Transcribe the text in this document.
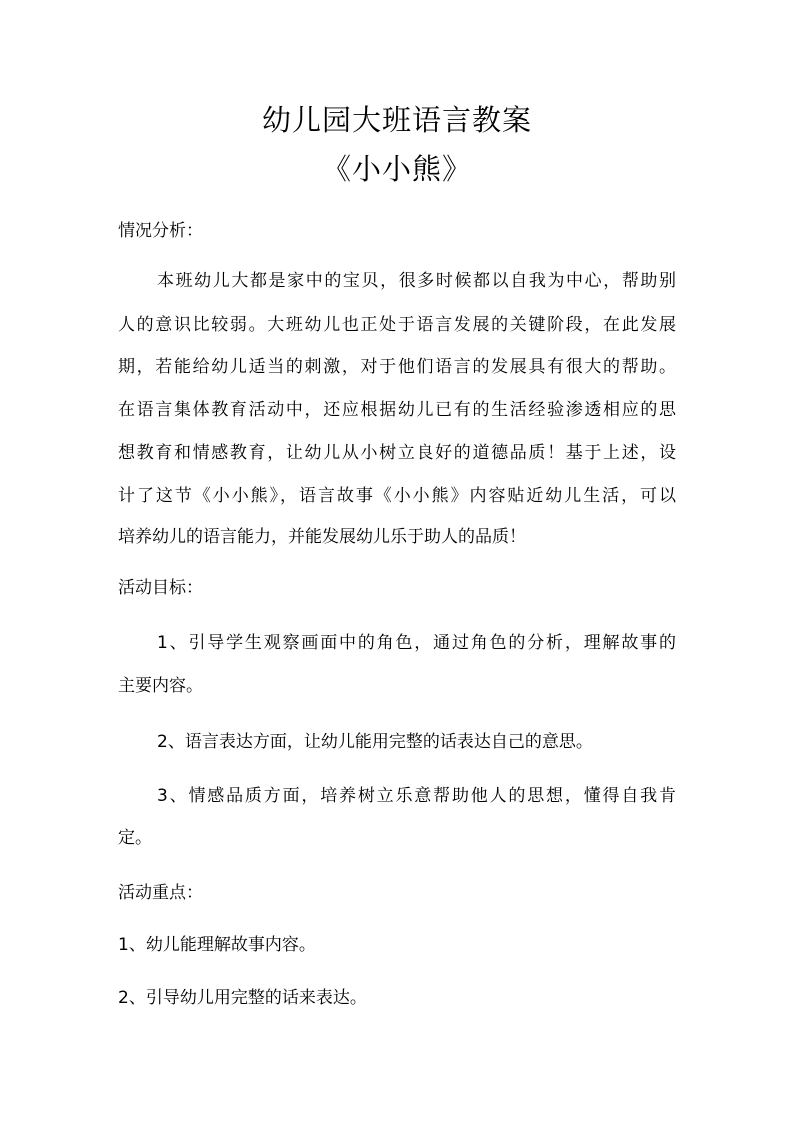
幼儿园大班语言教案
《小小熊》
情况分析：
本班幼儿大都是家中的宝贝，很多时候都以自我为中心，帮助别
人的意识比较弱。大班幼儿也正处于语言发展的关键阶段，在此发展
期，若能给幼儿适当的刺激，对于他们语言的发展具有很大的帮助。
在语言集体教育活动中，还应根据幼儿已有的生活经验渗透相应的思
想教育和情感教育，让幼儿从小树立良好的道德品质！基于上述，设
计了这节《小小熊》，语言故事《小小熊》内容贴近幼儿生活，可以
培养幼儿的语言能力，并能发展幼儿乐于助人的品质！
活动目标：
1、引导学生观察画面中的角色，通过角色的分析，理解故事的
主要内容。
2、语言表达方面，让幼儿能用完整的话表达自己的意思。
3、情感品质方面，培养树立乐意帮助他人的思想，懂得自我肯
定。
活动重点：
1、幼儿能理解故事内容。
2、引导幼儿用完整的话来表达。
